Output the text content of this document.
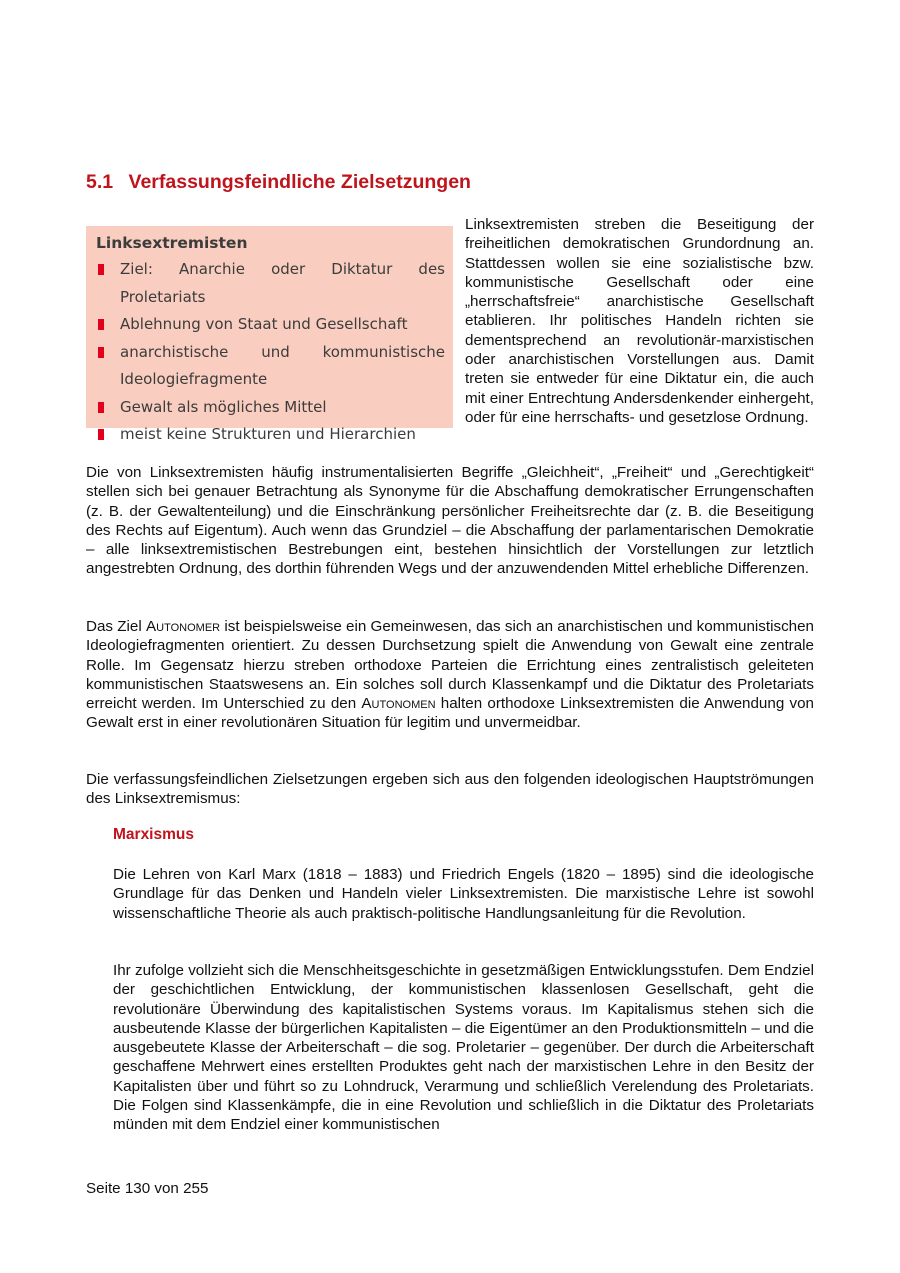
5.1 Verfassungsfeindliche Zielsetzungen
Linksextremisten
Ziel: Anarchie oder Diktatur des Proletariats
Ablehnung von Staat und Gesellschaft
anarchistische und kommunistische Ideologiefragmente
Gewalt als mögliches Mittel
meist keine Strukturen und Hierarchien

Linksextremisten streben die Beseitigung der freiheitlichen demokratischen Grundordnung an. Stattdessen wollen sie eine sozialistische bzw. kommunistische Gesellschaft oder eine „herrschaftsfreie“ anarchistische Gesellschaft etablieren. Ihr politisches Handeln richten sie dementsprechend an revolutionär-marxistischen oder anarchistischen Vorstellungen aus. Damit treten sie entweder für eine Diktatur ein, die auch mit einer Entrechtung Andersdenkender einhergeht, oder für eine herrschafts- und gesetzlose Ordnung.

Die von Linksextremisten häufig instrumentalisierten Begriffe „Gleichheit“, „Freiheit“ und „Gerechtigkeit“ stellen sich bei genauer Betrachtung als Synonyme für die Abschaffung demokratischer Errungenschaften (z. B. der Gewaltenteilung) und die Einschränkung persönlicher Freiheitsrechte dar (z. B. die Beseitigung des Rechts auf Eigentum). Auch wenn das Grundziel – die Abschaffung der parlamentarischen Demokratie – alle linksextremistischen Bestrebungen eint, bestehen hinsichtlich der Vorstellungen zur letztlich angestrebten Ordnung, des dorthin führenden Wegs und der anzuwendenden Mittel erhebliche Differenzen.

Das Ziel Autonomer ist beispielsweise ein Gemeinwesen, das sich an anarchistischen und kommunistischen Ideologiefragmenten orientiert. Zu dessen Durchsetzung spielt die Anwendung von Gewalt eine zentrale Rolle. Im Gegensatz hierzu streben orthodoxe Parteien die Errichtung eines zentralistisch geleiteten kommunistischen Staatswesens an. Ein solches soll durch Klassenkampf und die Diktatur des Proletariats erreicht werden. Im Unterschied zu den Autonomen halten orthodoxe Linksextremisten die Anwendung von Gewalt erst in einer revolutionären Situation für legitim und unvermeidbar.

Die verfassungsfeindlichen Zielsetzungen ergeben sich aus den folgenden ideologischen Hauptströmungen des Linksextremismus:

Marxismus

Die Lehren von Karl Marx (1818 – 1883) und Friedrich Engels (1820 – 1895) sind die ideologische Grundlage für das Denken und Handeln vieler Linksextremisten. Die marxistische Lehre ist sowohl wissenschaftliche Theorie als auch praktisch-politische Handlungsanleitung für die Revolution.

Ihr zufolge vollzieht sich die Menschheitsgeschichte in gesetzmäßigen Entwicklungsstufen. Dem Endziel der geschichtlichen Entwicklung, der kommunistischen klassenlosen Gesellschaft, geht die revolutionäre Überwindung des kapitalistischen Systems voraus. Im Kapitalismus stehen sich die ausbeutende Klasse der bürgerlichen Kapitalisten – die Eigentümer an den Produktionsmitteln – und die ausgebeutete Klasse der Arbeiterschaft – die sog. Proletarier – gegenüber. Der durch die Arbeiterschaft geschaffene Mehrwert eines erstellten Produktes geht nach der marxistischen Lehre in den Besitz der Kapitalisten über und führt so zu Lohndruck, Verarmung und schließlich Verelendung des Proletariats. Die Folgen sind Klassenkämpfe, die in eine Revolution und schließlich in die Diktatur des Proletariats münden mit dem Endziel einer kommunistischen

Seite 130 von 255
